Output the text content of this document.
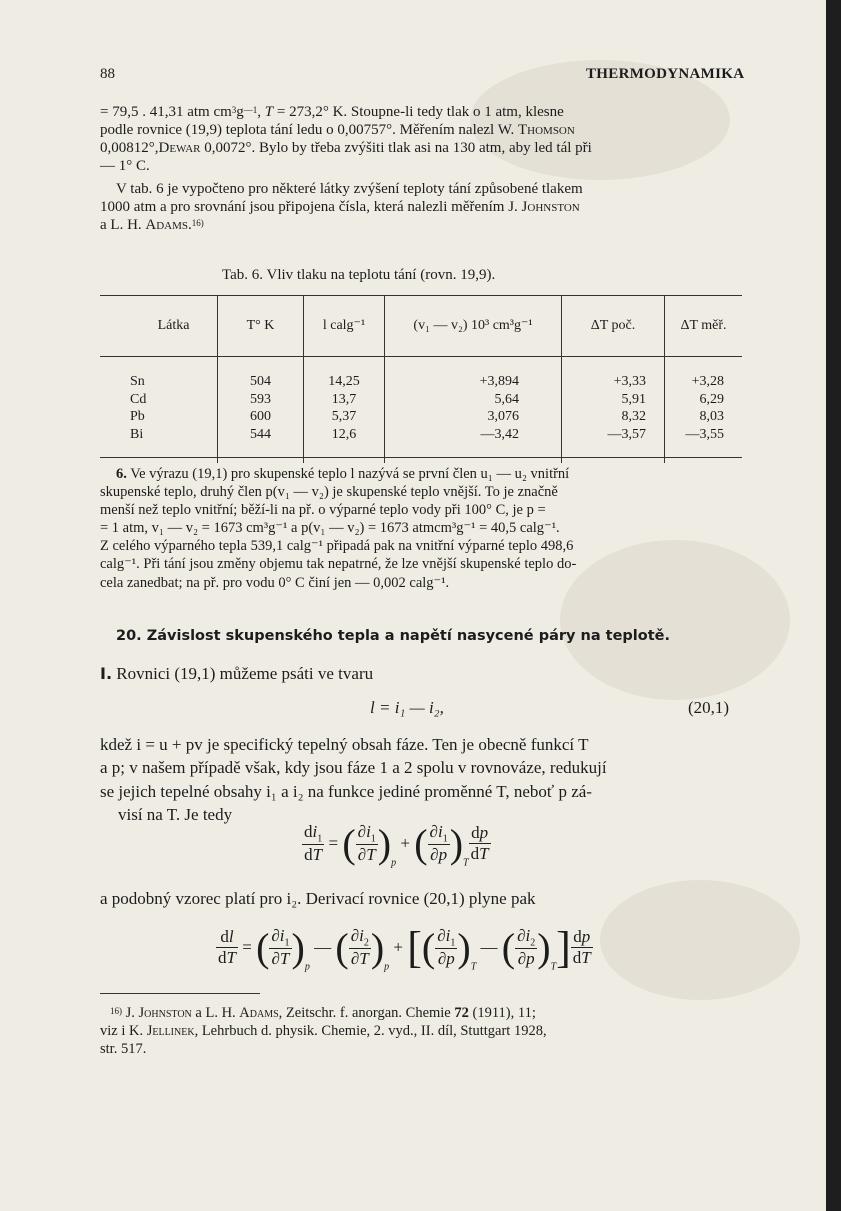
88	THERMODYNAMIKA
= 79,5 . 41,31 atm $cm^3g^{—1}$, T = 273,2° K. Stoupne-li tedy tlak o 1 atm, klesne
podle rovnice (19,9) teplota tání ledu o 0,00757°. Měřením nalezl W. Thomson
0,00812°,Dewar 0,0072°. Bylo by třeba zvýšiti tlak asi na 130 atm, aby led tál při
— 1° C.
V tab. 6 je vypočteno pro některé látky zvýšení teploty tání způsobené tlakem
1000 atm a pro srovnání jsou připojena čísla, která nalezli měřením J. Johnston
a L. H. Adams.$^{16)}$
Tab. 6. Vliv tlaku na teplotu tání (rovn. 19,9).
Látka	T° K	l calg⁻¹	(v₁ — v₂) 10³ cm³g⁻¹	ΔT poč.	ΔT měř.
Sn	504	14,25	+3,894	+3,33	+3,28
Cd	593	13,7	5,64	5,91	6,29
Pb	600	5,37	3,076	8,32	8,03
Bi	544	12,6	—3,42	—3,57	—3,55
6. Ve výrazu (19,1) pro skupenské teplo l nazývá se první člen u₁ — u₂ vnitřní
skupenské teplo, druhý člen p(v₁ — v₂) je skupenské teplo vnější. To je značně
menší než teplo vnitřní; běží-li na př. o výparné teplo vody při 100° C, je p =
= 1 atm, v₁ — v₂ = 1673 cm³g⁻¹ a p(v₁ — v₂) = 1673 atmcm³g⁻¹ = 40,5 calg⁻¹.
Z celého výparného tepla 539,1 calg⁻¹ připadá pak na vnitřní výparné teplo 498,6
calg⁻¹. Při tání jsou změny objemu tak nepatrné, že lze vnější skupenské teplo do-
cela zanedbat; na př. pro vodu 0° C činí jen — 0,002 calg⁻¹.
20. Závislost skupenského tepla a napětí nasycené páry na teplotě.
I. Rovnici (19,1) můžeme psáti ve tvaru
l = i₁ — i₂,	(20,1)
kdež i = u + pv je specifický tepelný obsah fáze. Ten je obecně funkcí T
a p; v našem případě však, kdy jsou fáze 1 a 2 spolu v rovnováze, redukují
se jejich tepelné obsahy i₁ a i₂ na funkce jediné proměnné T, neboť p zá-
visí na T. Je tedy
$\frac{di_1}{dT}$ = ( $\frac{\partial i_1}{\partial T} )_p$ + ( $\frac{\partial i_1}{\partial p} )_T \frac{dp}{dT}$
a podobný vzorec platí pro i₂. Derivací rovnice (20,1) plyne pak
$\frac{dl}{dT}$ = ( $\frac{\partial i_1}{\partial T} )_p$ — ( $\frac{\partial i_2}{\partial T} )_p$ + [( $\frac{\partial i_1}{\partial p} )_T$ — ( $\frac{\partial i_2}{\partial p} )_T] \frac{dp}{dT}$
$^{16)}$ J. Johnston a L. H. Adams, Zeitschr. f. anorgan. Chemie 72 (1911), 11;
viz i K. Jellinek, Lehrbuch d. physik. Chemie, 2. vyd., II. díl, Stuttgart 1928,
str. 517.
